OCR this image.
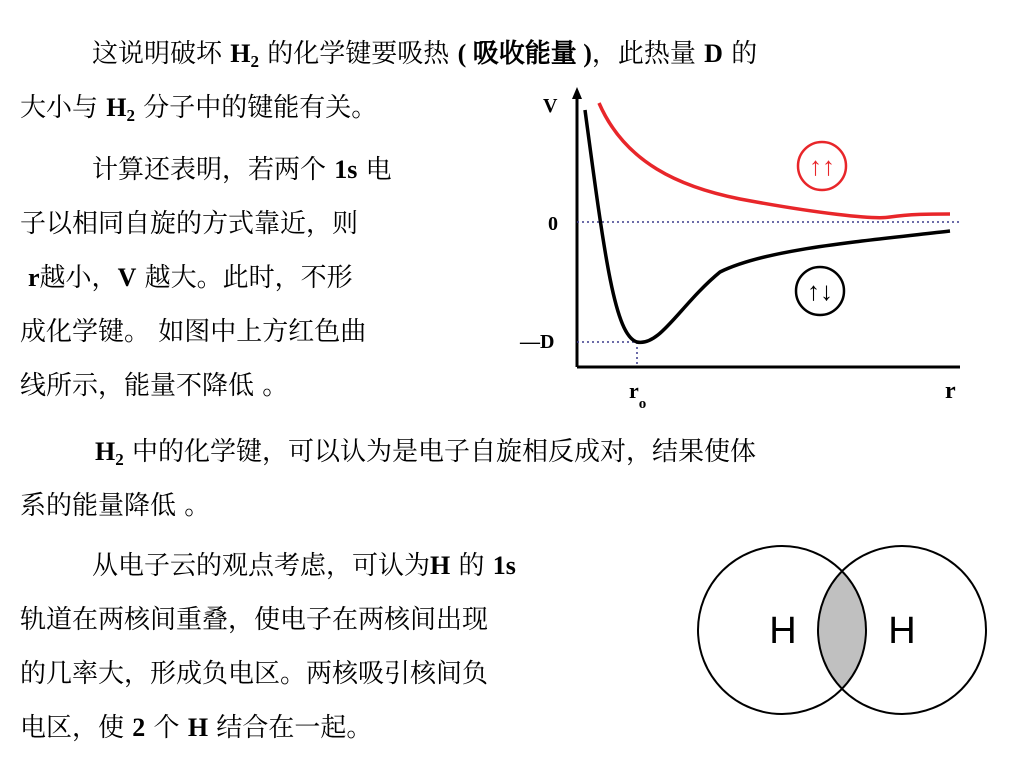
这说明破坏 $H_2$ 的化学键要吸热 ( 吸收能量 )，此热量 D 的
大小与 $H_2$ 分子中的键能有关。
计算还表明，若两个 1s 电
子以相同自旋的方式靠近，则
r越小，V 越大。此时，不形
成化学键。 如图中上方红色曲
线所示，能量不降低 。
V
0
—D
$r_o$	r
↑↑
↑↓
$H_2$ 中的化学键，可以认为是电子自旋相反成对，结果使体
系的能量降低 。
从电子云的观点考虑，可认为H 的 1s
轨道在两核间重叠，使电子在两核间出现
的几率大，形成负电区。两核吸引核间负
电区，使 2 个 H 结合在一起。
H H
